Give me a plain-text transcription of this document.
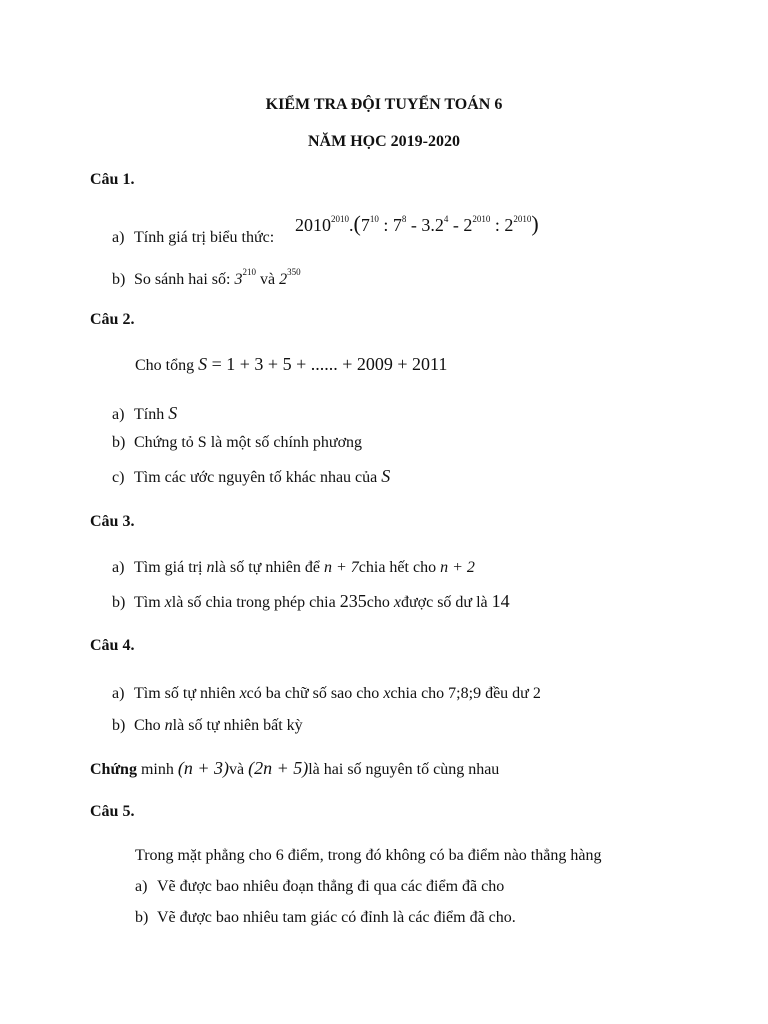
KIỂM TRA ĐỘI TUYỂN TOÁN 6
NĂM HỌC 2019-2020
Câu 1.
a) Tính giá trị biểu thức:
$2010^{2010}.(7^{10}$ : $7^8 - 3.2^4 - 2^{2010}$ : $2^{2010}$)
b) So sánh hai số: $3^{210}$ và $2^{350}$
Câu 2.
Cho tổng S = 1 + 3 + 5 + ...... + 2009 + 2011
a) Tính S
b) Chứng tỏ S là một số chính phương
c) Tìm các ước nguyên tố khác nhau của S
Câu 3.
a) Tìm giá trị nlà số tự nhiên để n + 7chia hết cho n + 2
b) Tìm xlà số chia trong phép chia 235cho xđược số dư là 14
Câu 4.
a) Tìm số tự nhiên xcó ba chữ số sao cho xchia cho 7;8;9 đều dư 2
b) Cho nlà số tự nhiên bất kỳ
Chứng minh (n + 3)và (2n + 5)là hai số nguyên tố cùng nhau
Câu 5.
Trong mặt phẳng cho 6 điểm, trong đó không có ba điểm nào thẳng hàng
a) Vẽ được bao nhiêu đoạn thẳng đi qua các điểm đã cho
b) Vẽ được bao nhiêu tam giác có đỉnh là các điểm đã cho.
